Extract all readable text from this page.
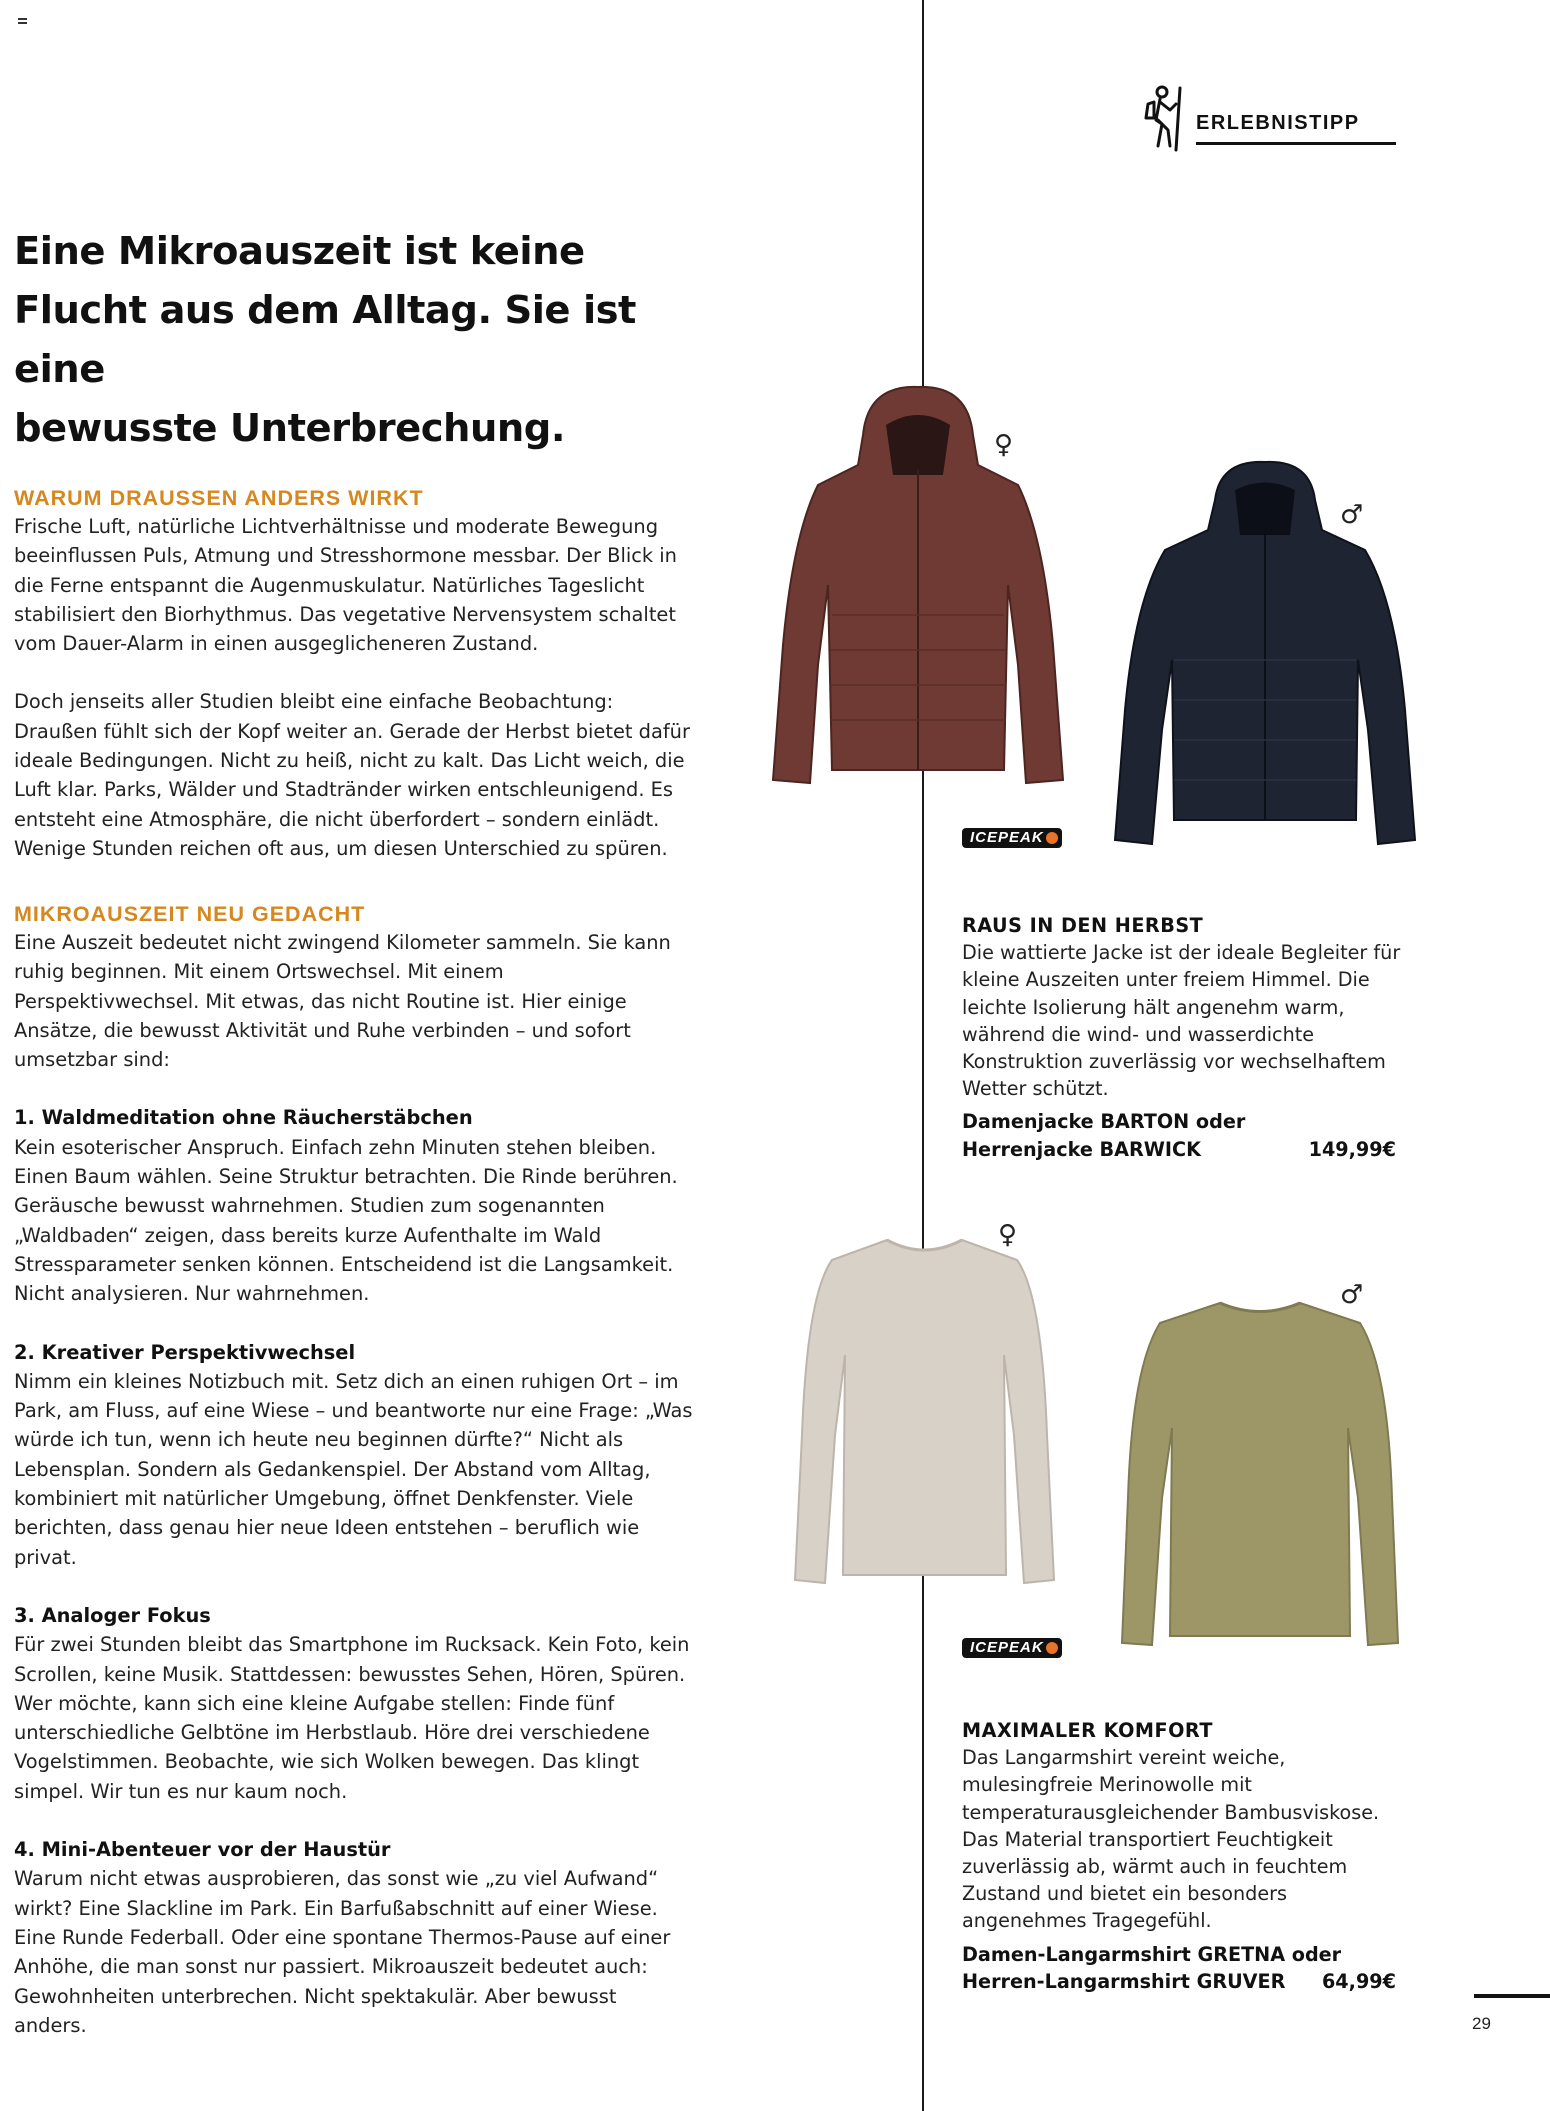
ERLEBNISTIPP
Eine Mikroauszeit ist keine
Flucht aus dem Alltag. Sie ist eine
bewusste Unterbrechung.
WARUM DRAUSSEN ANDERS WIRKT

Frische Luft, natürliche Lichtverhältnisse und moderate Bewegung beeinflussen Puls, Atmung und Stresshormone messbar. Der Blick in die Ferne entspannt die Augenmuskulatur. Natürliches Tageslicht stabilisiert den Biorhythmus. Das vegetative Nervensystem schaltet vom Dauer-Alarm in einen ausgeglicheneren Zustand.

Doch jenseits aller Studien bleibt eine einfache Beobachtung: Draußen fühlt sich der Kopf weiter an. Gerade der Herbst bietet dafür ideale Bedingungen. Nicht zu heiß, nicht zu kalt. Das Licht weich, die Luft klar. Parks, Wälder und Stadtränder wirken entschleunigend. Es entsteht eine Atmosphäre, die nicht überfordert – sondern einlädt. Wenige Stunden reichen oft aus, um diesen Unterschied zu spüren.

MIKROAUSZEIT NEU GEDACHT

Eine Auszeit bedeutet nicht zwingend Kilometer sammeln. Sie kann ruhig beginnen. Mit einem Ortswechsel. Mit einem Perspektivwechsel. Mit etwas, das nicht Routine ist. Hier einige Ansätze, die bewusst Aktivität und Ruhe verbinden – und sofort umsetzbar sind:

1. Waldmeditation ohne Räucherstäbchen

Kein esoterischer Anspruch. Einfach zehn Minuten stehen bleiben. Einen Baum wählen. Seine Struktur betrachten. Die Rinde berühren. Geräusche bewusst wahrnehmen. Studien zum sogenannten „Waldbaden“ zeigen, dass bereits kurze Aufenthalte im Wald Stressparameter senken können. Entscheidend ist die Langsamkeit. Nicht analysieren. Nur wahrnehmen.

2. Kreativer Perspektivwechsel

Nimm ein kleines Notizbuch mit. Setz dich an einen ruhigen Ort – im Park, am Fluss, auf eine Wiese – und beantworte nur eine Frage: „Was würde ich tun, wenn ich heute neu beginnen dürfte?“ Nicht als Lebensplan. Sondern als Gedankenspiel. Der Abstand vom Alltag, kombiniert mit natürlicher Umgebung, öffnet Denkfenster. Viele berichten, dass genau hier neue Ideen entstehen – beruflich wie privat.

3. Analoger Fokus

Für zwei Stunden bleibt das Smartphone im Rucksack. Kein Foto, kein Scrollen, keine Musik. Stattdessen: bewusstes Sehen, Hören, Spüren. Wer möchte, kann sich eine kleine Aufgabe stellen: Finde fünf unterschiedliche Gelbtöne im Herbstlaub. Höre drei verschiedene Vogelstimmen. Beobachte, wie sich Wolken bewegen. Das klingt simpel. Wir tun es nur kaum noch.

4. Mini-Abenteuer vor der Haustür

Warum nicht etwas ausprobieren, das sonst wie „zu viel Aufwand“ wirkt? Eine Slackline im Park. Ein Barfußabschnitt auf einer Wiese. Eine Runde Federball. Oder eine spontane Thermos-Pause auf einer Anhöhe, die man sonst nur passiert. Mikroauszeit bedeutet auch: Gewohnheiten unterbrechen. Nicht spektakulär. Aber bewusst anders.

♀
♂
ICEPEAK

RAUS IN DEN HERBST

Die wattierte Jacke ist der ideale Begleiter für kleine Auszeiten unter freiem Himmel. Die leichte Isolierung hält angenehm warm, während die wind- und wasserdichte Konstruktion zuverlässig vor wechselhaftem Wetter schützt.

Damenjacke BARTON oder

Herrenjacke BARWICK	149,99€

♀
♂
ICEPEAK

MAXIMALER KOMFORT

Das Langarmshirt vereint weiche, mulesingfreie Merinowolle mit temperaturausgleichender Bambusviskose. Das Material transportiert Feuchtigkeit zuverlässig ab, wärmt auch in feuchtem Zustand und bietet ein besonders angenehmes Tragegefühl.

Damen-Langarmshirt GRETNA oder

Herren-Langarmshirt GRUVER 64,99€

29
